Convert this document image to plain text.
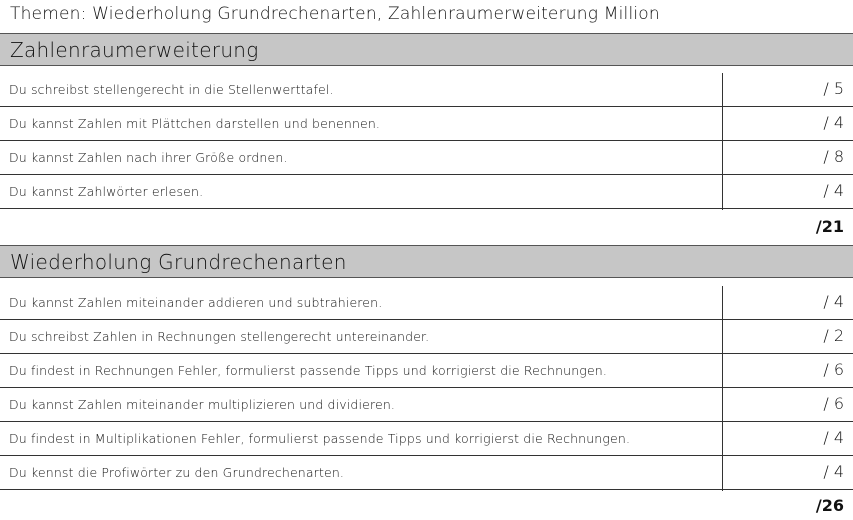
Themen: Wiederholung Grundrechenarten, Zahlenraumerweiterung Million
Zahlenraumerweiterung
Du schreibst stellengerecht in die Stellenwerttafel.	/ 5
Du kannst Zahlen mit Plättchen darstellen und benennen.	/ 4
Du kannst Zahlen nach ihrer Größe ordnen.	/ 8
Du kannst Zahlwörter erlesen.	/ 4
/21
Wiederholung Grundrechenarten
Du kannst Zahlen miteinander addieren und subtrahieren.	/ 4
Du schreibst Zahlen in Rechnungen stellengerecht untereinander.	/ 2
Du findest in Rechnungen Fehler, formulierst passende Tipps und korrigierst die Rechnungen.	/ 6
Du kannst Zahlen miteinander multiplizieren und dividieren.	/ 6
Du findest in Multiplikationen Fehler, formulierst passende Tipps und korrigierst die Rechnungen.	/ 4
Du kennst die Profiwörter zu den Grundrechenarten.	/ 4
/26
